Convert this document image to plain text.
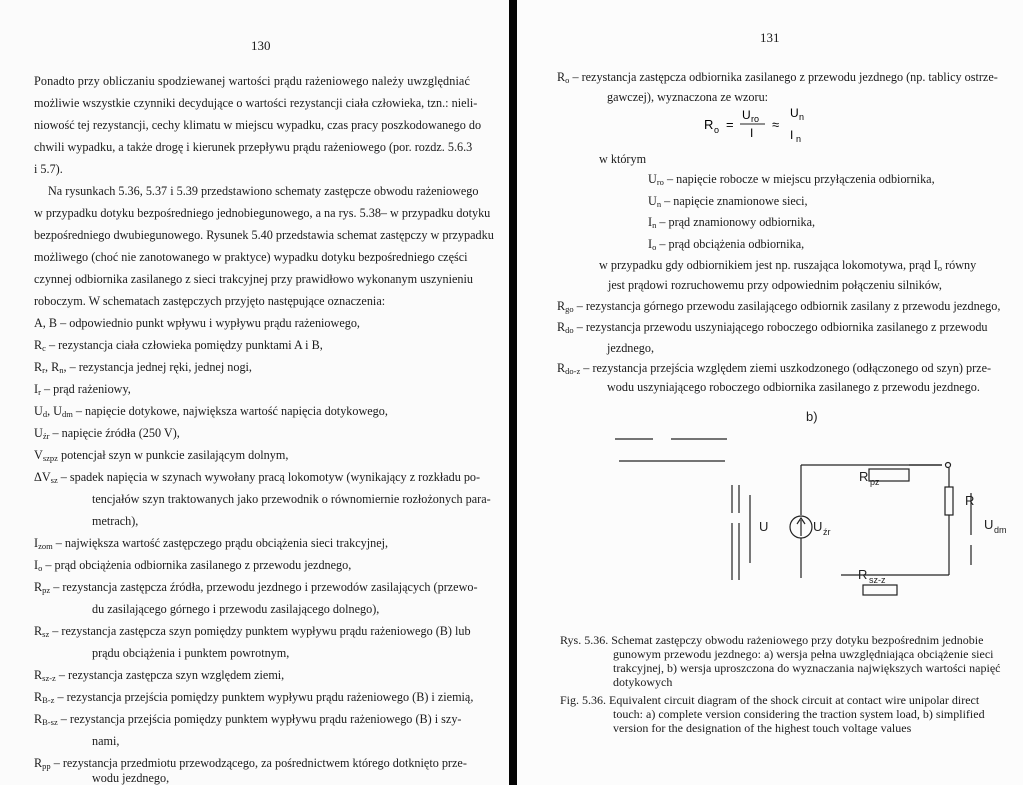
130
Ponadto przy obliczaniu spodziewanej wartości prądu rażeniowego należy uwzględniać
możliwie wszystkie czynniki decydujące o wartości rezystancji ciała człowieka, tzn.: nieli-
niowość tej rezystancji, cechy klimatu w miejscu wypadku, czas pracy poszkodowanego do
chwili wypadku, a także drogę i kierunek przepływu prądu rażeniowego (por. rozdz. 5.6.3
i 5.7).
Na rysunkach 5.36, 5.37 i 5.39 przedstawiono schematy zastępcze obwodu rażeniowego
w przypadku dotyku bezpośredniego jednobiegunowego, a na rys. 5.38– w przypadku dotyku
bezpośredniego dwubiegunowego. Rysunek 5.40 przedstawia schemat zastępczy w przypadku
możliwego (choć nie zanotowanego w praktyce) wypadku dotyku bezpośredniego części
czynnej odbiornika zasilanego z sieci trakcyjnej przy prawidłowo wykonanym uszynieniu
roboczym. W schematach zastępczych przyjęto następujące oznaczenia:
A, B – odpowiednio punkt wpływu i wypływu prądu rażeniowego,
$R_c$ – rezystancja ciała człowieka pomiędzy punktami A i B,
$R_r$, $R_n$, – rezystancja jednej ręki, jednej nogi,
$I_r$ – prąd rażeniowy,
$U_d$, $U_{dm}$ – napięcie dotykowe, największa wartość napięcia dotykowego,
$U_{źr}$ – napięcie źródła (250 V),
$V_{szpz}$ potencjał szyn w punkcie zasilającym dolnym,
$\Delta V_{sz}$ – spadek napięcia w szynach wywołany pracą lokomotyw (wynikający z rozkładu po-
tencjałów szyn traktowanych jako przewodnik o równomiernie rozłożonych para-
metrach),
$I_{zom}$ – największa wartość zastępczego prądu obciążenia sieci trakcyjnej,
$I_o$ – prąd obciążenia odbiornika zasilanego z przewodu jezdnego,
$R_{pz}$ – rezystancja zastępcza źródła, przewodu jezdnego i przewodów zasilających (przewo-
du zasilającego górnego i przewodu zasilającego dolnego),
$R_{sz}$ – rezystancja zastępcza szyn pomiędzy punktem wypływu prądu rażeniowego (B) lub
prądu obciążenia i punktem powrotnym,
$R_{sz-z}$ – rezystancja zastępcza szyn względem ziemi,
$R_{B-z}$ – rezystancja przejścia pomiędzy punktem wypływu prądu rażeniowego (B) i ziemią,
$R_{B-sz}$ – rezystancja przejścia pomiędzy punktem wypływu prądu rażeniowego (B) i szy-
nami,
$R_{pp}$ – rezystancja przedmiotu przewodzącego, za pośrednictwem którego dotknięto prze-
wodu jezdnego,
131
$R_o$ – rezystancja zastępcza odbiornika zasilanego z przewodu jezdnego (np. tablicy ostrze-
gawczej), wyznaczona ze wzoru:
R o =
U ro
I
≈
U n
I n
w którym
$U_{ro}$ – napięcie robocze w miejscu przyłączenia odbiornika,
$U_n$ – napięcie znamionowe sieci,
$I_n$ – prąd znamionowy odbiornika,
$I_o$ – prąd obciążenia odbiornika,
w przypadku gdy odbiornikiem jest np. ruszająca lokomotywa, prąd $I_o$ równy
jest prądowi rozruchowemu przy odpowiednim połączeniu silników,
$R_{go}$ – rezystancja górnego przewodu zasilającego odbiornik zasilany z przewodu jezdnego,
$R_{do}$ – rezystancja przewodu uszyniającego roboczego odbiornika zasilanego z przewodu
jezdnego,
$R_{do-z}$ – rezystancja przejścia względem ziemi uszkodzonego (odłączonego od szyn) prze-
wodu uszyniającego roboczego odbiornika zasilanego z przewodu jezdnego.
b)
R pz
R
U dm
U źr
U
R sz-z
Rys. 5.36. Schemat zastępczy obwodu rażeniowego przy dotyku bezpośrednim jednobie
gunowym przewodu jezdnego: a) wersja pełna uwzględniająca obciążenie sieci
trakcyjnej, b) wersja uproszczona do wyznaczania największych wartości napięć
dotykowych
Fig. 5.36. Equivalent circuit diagram of the shock circuit at contact wire unipolar direct
touch: a) complete version considering the traction system load, b) simplified
version for the designation of the highest touch voltage values
